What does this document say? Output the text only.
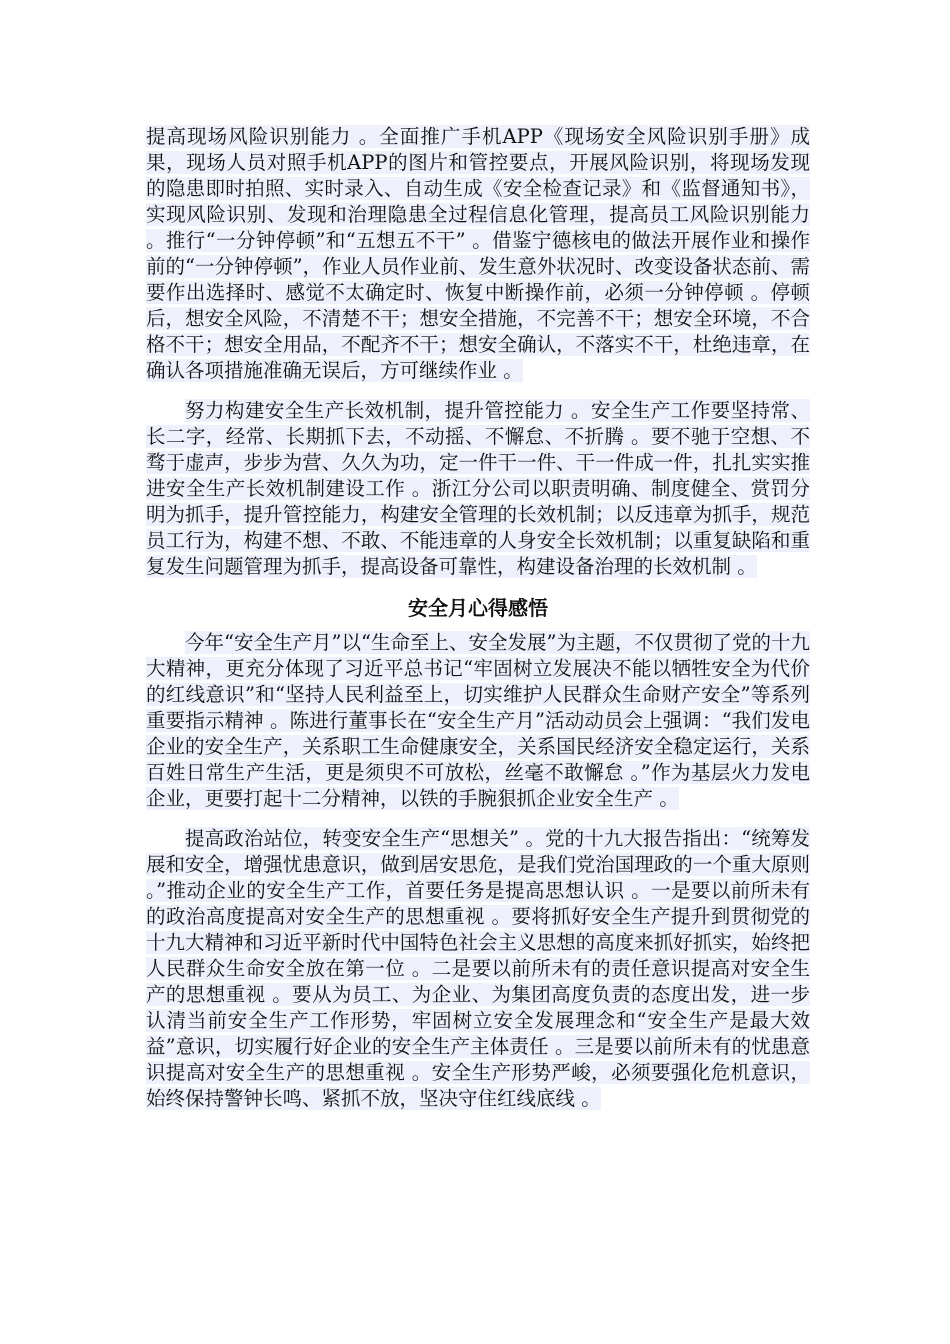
提高现场风险识别能力 。全面推广手机APP《现场安全风险识别手册》成果，现场人员对照手机APP的图片和管控要点，开展风险识别，将现场发现的隐患即时拍照、实时录入、自动生成《安全检查记录》和《监督通知书》，实现风险识别、发现和治理隐患全过程信息化管理，提高员工风险识别能力 。推行“一分钟停顿”和“五想五不干” 。借鉴宁德核电的做法开展作业和操作前的“一分钟停顿”，作业人员作业前、发生意外状况时、改变设备状态前、需要作出选择时、感觉不太确定时、恢复中断操作前，必须一分钟停顿 。停顿后，想安全风险，不清楚不干；想安全措施，不完善不干；想安全环境，不合格不干；想安全用品，不配齐不干；想安全确认，不落实不干，杜绝违章，在确认各项措施准确无误后，方可继续作业 。

努力构建安全生产长效机制，提升管控能力 。安全生产工作要坚持常、长二字，经常、长期抓下去，不动摇、不懈怠、不折腾 。要不驰于空想、不骛于虚声，步步为营、久久为功，定一件干一件、干一件成一件，扎扎实实推进安全生产长效机制建设工作 。浙江分公司以职责明确、制度健全、赏罚分明为抓手，提升管控能力，构建安全管理的长效机制；以反违章为抓手，规范员工行为，构建不想、不敢、不能违章的人身安全长效机制；以重复缺陷和重复发生问题管理为抓手，提高设备可靠性，构建设备治理的长效机制 。

安全月心得感悟

今年“安全生产月”以“生命至上、安全发展”为主题，不仅贯彻了党的十九大精神，更充分体现了习近平总书记“牢固树立发展决不能以牺牲安全为代价的红线意识”和“坚持人民利益至上，切实维护人民群众生命财产安全”等系列重要指示精神 。陈进行董事长在“安全生产月”活动动员会上强调：“我们发电企业的安全生产，关系职工生命健康安全，关系国民经济安全稳定运行，关系百姓日常生产生活，更是须臾不可放松，丝毫不敢懈怠 。”作为基层火力发电企业，更要打起十二分精神，以铁的手腕狠抓企业安全生产 。

提高政治站位，转变安全生产“思想关” 。党的十九大报告指出：“统筹发展和安全，增强忧患意识，做到居安思危，是我们党治国理政的一个重大原则 。”推动企业的安全生产工作，首要任务是提高思想认识 。一是要以前所未有的政治高度提高对安全生产的思想重视 。要将抓好安全生产提升到贯彻党的十九大精神和习近平新时代中国特色社会主义思想的高度来抓好抓实，始终把人民群众生命安全放在第一位 。二是要以前所未有的责任意识提高对安全生产的思想重视 。要从为员工、为企业、为集团高度负责的态度出发，进一步认清当前安全生产工作形势，牢固树立安全发展理念和“安全生产是最大效益”意识，切实履行好企业的安全生产主体责任 。三是要以前所未有的忧患意识提高对安全生产的思想重视 。安全生产形势严峻，必须要强化危机意识，始终保持警钟长鸣、紧抓不放，坚决守住红线底线 。
